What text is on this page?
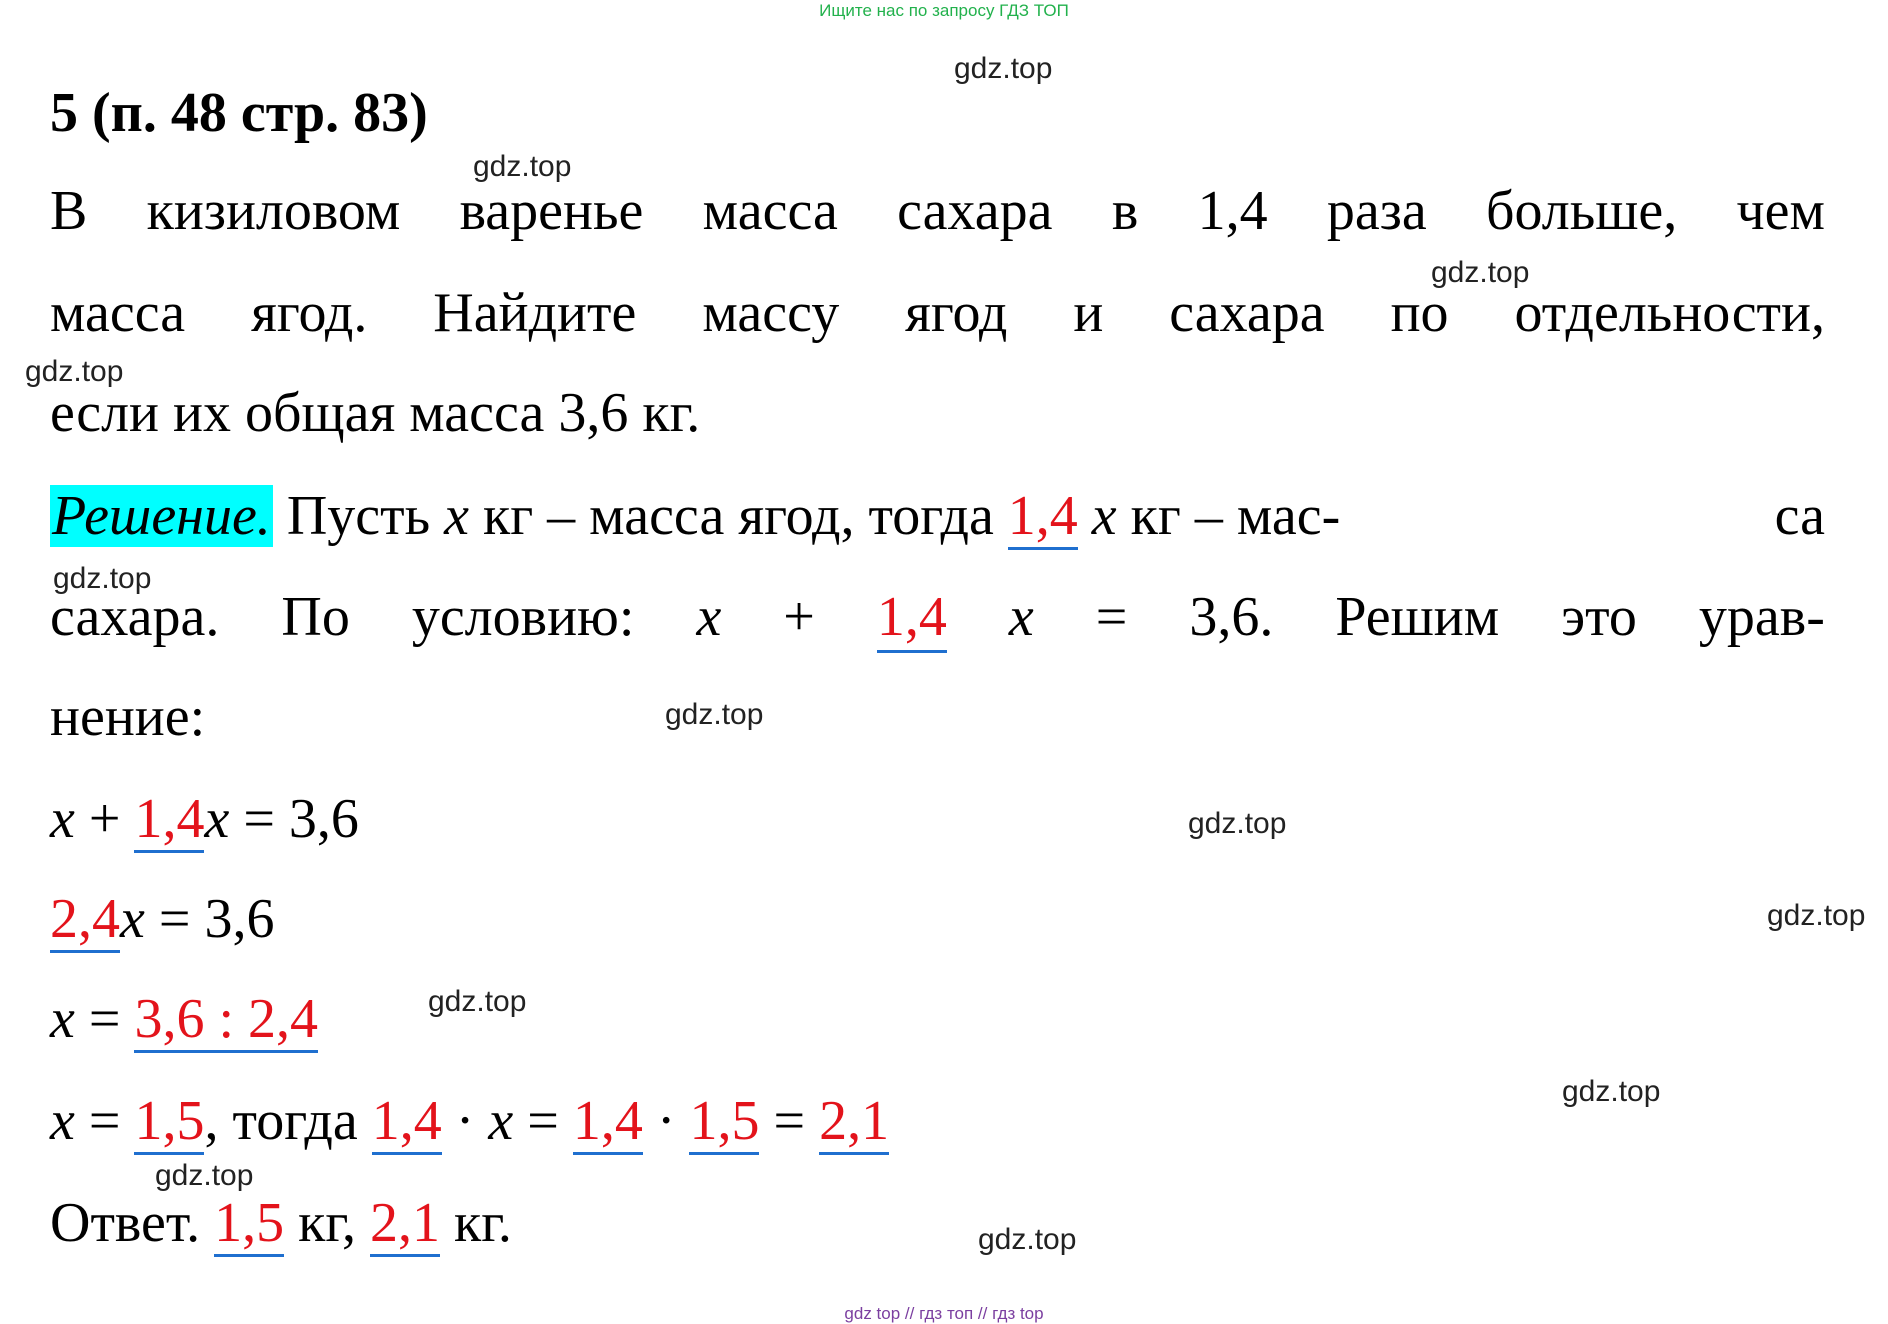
Ищите нас по запросу ГДЗ ТОП
gdz.top
gdz.top
gdz.top
gdz.top
gdz.top
gdz.top
gdz.top
gdz.top
gdz.top
gdz.top
gdz.top
gdz.top
5 (п. 48 стр. 83)
В кизиловом варенье масса сахара в 1,4 раза больше, чем
масса ягод. Найдите массу ягод и сахара по отдельности,
если их общая масса 3,6 кг.
Решение. Пусть x кг – масса ягод, тогда 1,4 x кг – мас-	са
сахара. По условию: x + 1,4 x = 3,6. Решим это урав-
нение:
x + 1,4x = 3,6
2,4x = 3,6
x = 3,6 : 2,4
x = 1,5, тогда 1,4 · x = 1,4 · 1,5 = 2,1
Ответ. 1,5 кг, 2,1 кг.
gdz top // гдз топ // гдз top
